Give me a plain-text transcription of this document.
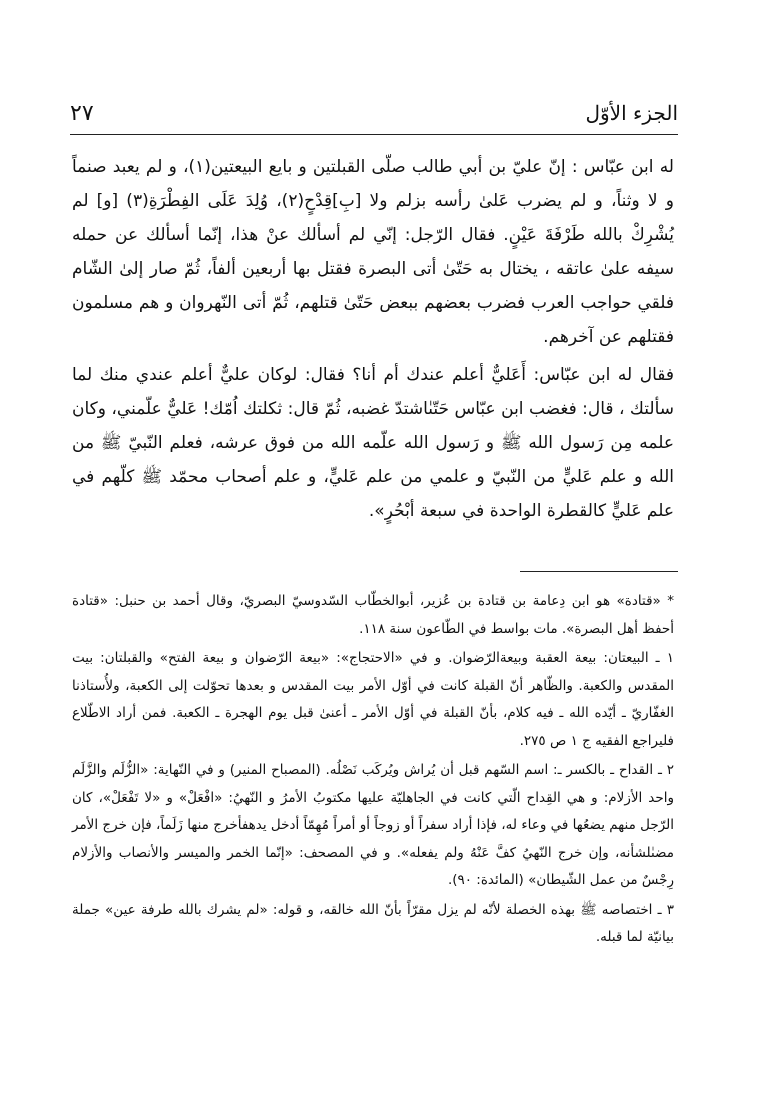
الجزء الأوّل
٢٧

له ابن عبّاس : إنّ عليّ بن أبي طالب صلّى القبلتين و بايع البيعتين(١)، و لم يعبد صنماً و لا وثناً، و لم يضرب عَلىٰ رأسه بزلم ولا [بِ]قِدْحٍ(٢)، وُلِدَ عَلَى الفِطْرَةِ(٣) [و] لم يُشْرِكْ بالله طَرْفَةَ عَيْنٍ. فقال الرّجل: إنّي لم أسألك عنْ هذا، إنّما أسألك عن حمله سيفه علىٰ عاتقه ، يختال به حَتّىٰ أتى البصرة فقتل بها أربعين ألفاً، ثُمّ صار إلىٰ الشّام فلقي حواجب العرب فضرب بعضهم ببعض حَتّىٰ قتلهم، ثُمّ أتى النّهروان و هم مسلمون فقتلهم عن آخرهم.

فقال له ابن عبّاس: أَعَليٌّ أعلم عندك أم أنا؟ فقال: لوكان عليٌّ أعلم عندي منك لما سألتك ، قال: فغضب ابن عبّاس حَتّىٰاشتدّ غضبه، ثُمّ قال: ثكلتك اُمّك! عَليٌّ علّمني، وكان علمه مِن رَسول الله ﷺ و رَسول الله علّمه الله من فوق عرشه، فعلم النّبيّ ﷺ من الله و علم عَليٍّ من النّبيّ و علمي من علم عَليٍّ، و علم أصحاب محمّد ﷺ كلّهم في علم عَليٍّ كالقطرة الواحدة في سبعة أبْحُرٍ».

* «قتادة» هو ابن دِعامة بن قتادة بن عُزير، أبوالخطّاب السّدوسيّ البصريّ، وقال أحمد بن حنبل: «قتادة أحفظ أهل البصرة». مات بواسط في الطّاعون سنة ١١٨.

١ ـ البيعتان: بيعة العقبة وبيعةالرّضوان. و في «الاحتجاج»: «بيعة الرّضوان و بيعة الفتح» والقبلتان: بيت المقدس والكعبة. والظّاهر أنّ القبلة كانت في أوّل الأمر بيت المقدس و بعدها تحوّلت إلى الكعبة، ولأُستاذنا الغفّاريّ ـ أيّده الله ـ فيه كلام، بأنّ القبلة في أوّل الأمر ـ أعنىٰ قبل يوم الهجرة ـ الكعبة. فمن أراد الاطّلاع فليراجع الفقيه ج ١ ص ٢٧٥.

٢ ـ القداح ـ بالكسر ـ: اسم السّهم قبل أن يُراش ويُركَب نَصْلُه. (المصباح المنير) و في النّهاية: «الزُّلَم والزَّلَم واحد الأزلام: و هي القِداح الّتي كانت في الجاهليّة عليها مكتوبُ الأمرُ و النّهيُ: «افْعَلْ» و «لا تَفْعَلْ»، كان الرّجل منهم يضعُها في وعاء له، فإذا أراد سفراً أو زوجاً أو أمراً مُهِمّاً أدخل يدهفأخرج منها زَلَماً، فإن خرج الأمر مضىٰلشأنه، وإن خرج النّهيُ كفَّ عَنْهُ ولم يفعله». و في المصحف: «إنّما الخمر والميسر والأنصاب والأزلام رِجْسٌ من عمل الشّيطان» (المائدة: ٩٠).

٣ ـ اختصاصه ﷺ بهذه الخصلة لأنّه لم يزل مقرّاً بأنّ الله خالقه، و قوله: «لم يشرك بالله طرفة عين» جملة بيانيّة لما قبله.
